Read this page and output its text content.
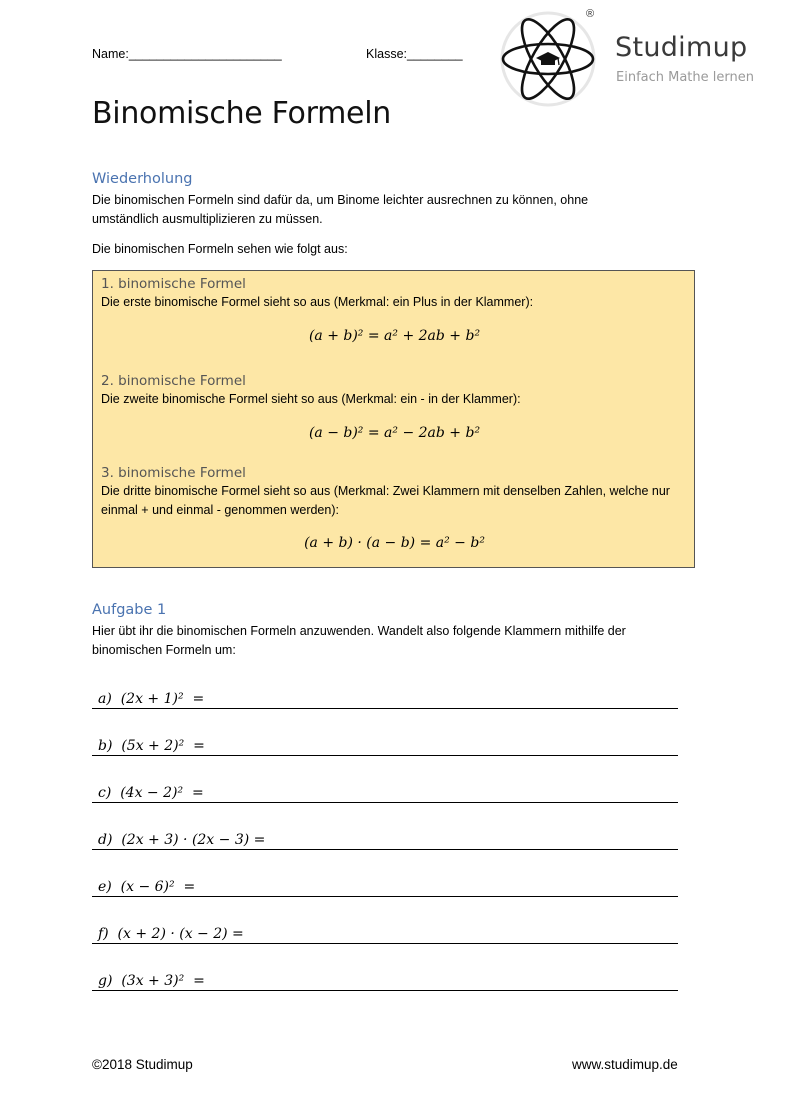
Name:______________________	Klasse:________
®
Studimup
Einfach Mathe lernen
Binomische Formeln
Wiederholung
Die binomischen Formeln sind dafür da, um Binome leichter ausrechnen zu können, ohne umständlich ausmultiplizieren zu müssen.
Die binomischen Formeln sehen wie folgt aus:
1. binomische Formel
Die erste binomische Formel sieht so aus (Merkmal: ein Plus in der Klammer):
(a + b)² = a² + 2ab + b²
2. binomische Formel
Die zweite binomische Formel sieht so aus (Merkmal: ein - in der Klammer):
(a − b)² = a² − 2ab + b²
3. binomische Formel
Die dritte binomische Formel sieht so aus (Merkmal: Zwei Klammern mit denselben Zahlen, welche nur einmal + und einmal - genommen werden):
(a + b) · (a − b) = a² − b²
Aufgabe 1
Hier übt ihr die binomischen Formeln anzuwenden. Wandelt also folgende Klammern mithilfe der binomischen Formeln um:
a)  (2x + 1)²  =
b)  (5x + 2)²  =
c)  (4x − 2)²  =
d)  (2x + 3) · (2x − 3) =
e)  (x − 6)²  =
f)  (x + 2) · (x − 2) =
g)  (3x + 3)²  =
©2018 Studimup	www.studimup.de
